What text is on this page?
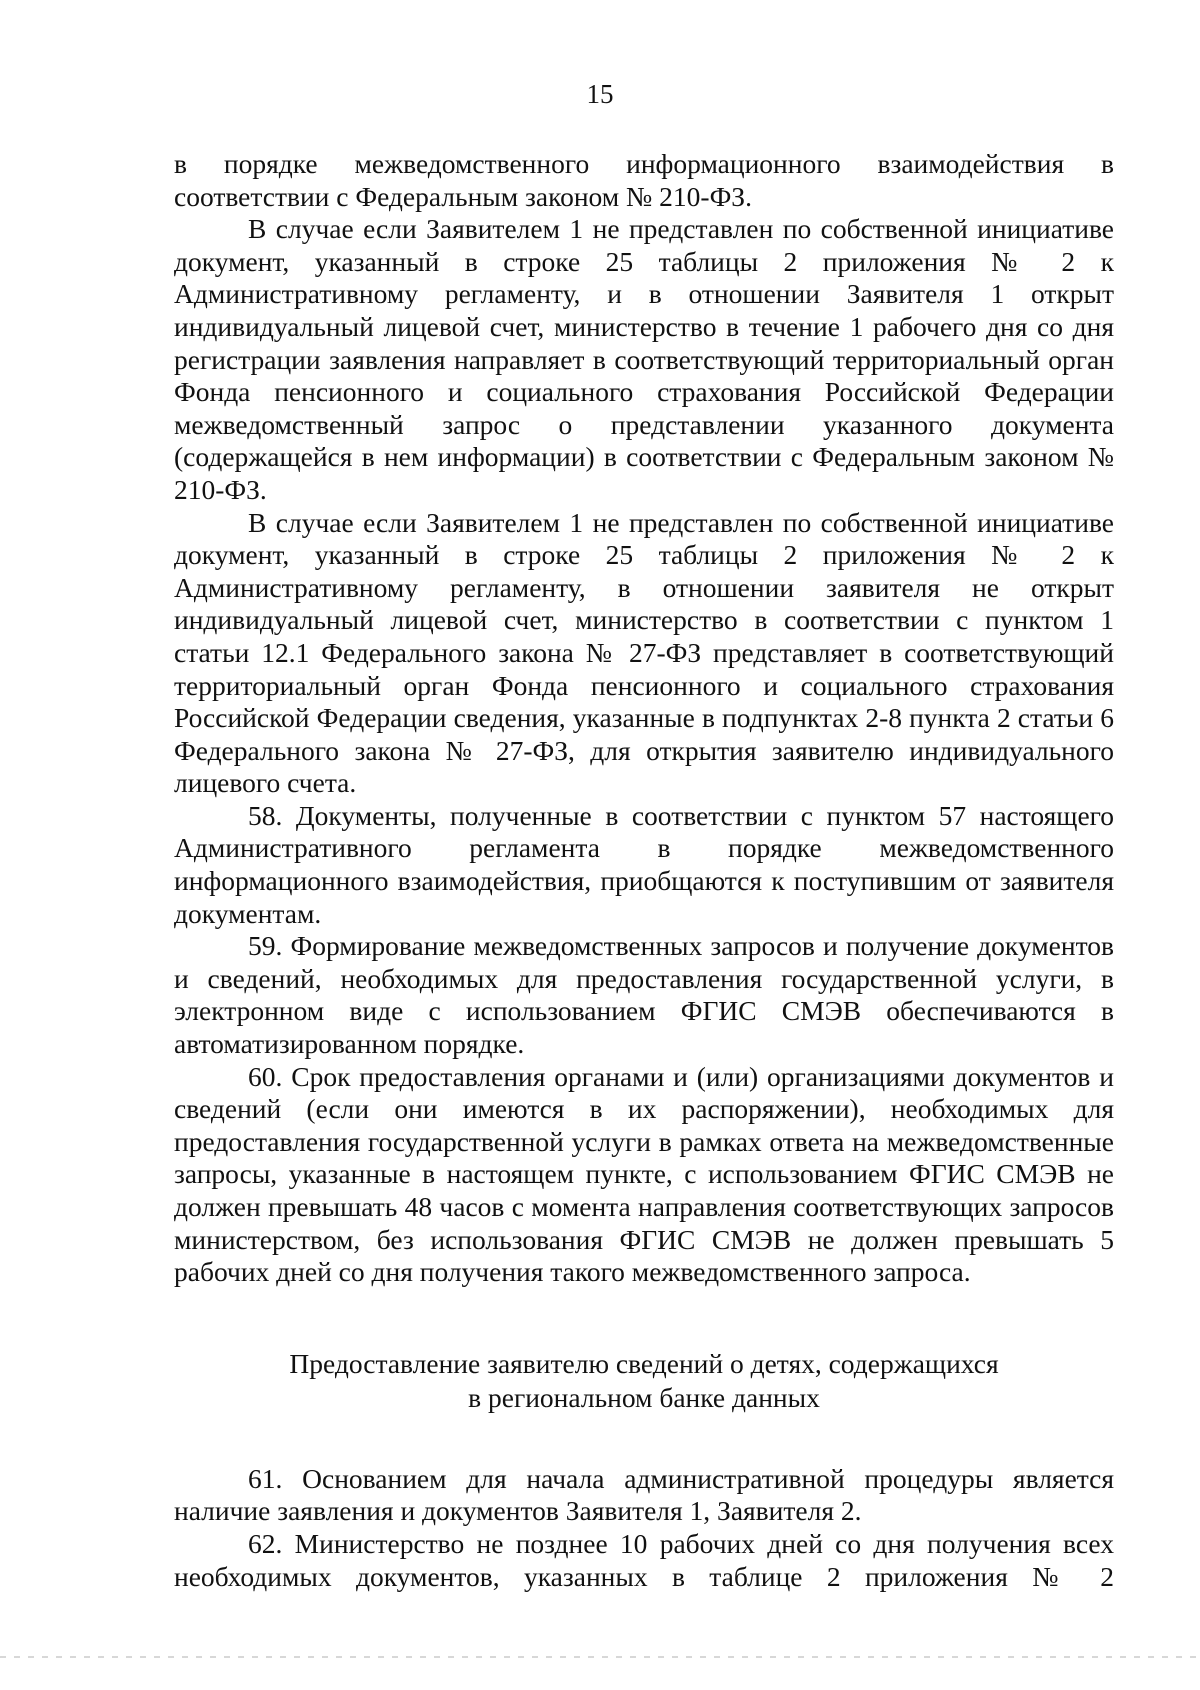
15

в порядке межведомственного информационного взаимодействия в соответствии с Федеральным законом № 210-ФЗ.

В случае если Заявителем 1 не представлен по собственной инициативе документ, указанный в строке 25 таблицы 2 приложения № 2 к Административному регламенту, и в отношении Заявителя 1 открыт индивидуальный лицевой счет, министерство в течение 1 рабочего дня со дня регистрации заявления направляет в соответствующий территориальный орган Фонда пенсионного и социального страхования Российской Федерации межведомственный запрос о представлении указанного документа (содержащейся в нем информации) в соответствии с Федеральным законом № 210-ФЗ.

В случае если Заявителем 1 не представлен по собственной инициативе документ, указанный в строке 25 таблицы 2 приложения № 2 к Административному регламенту, в отношении заявителя не открыт индивидуальный лицевой счет, министерство в соответствии с пунктом 1 статьи 12.1 Федерального закона № 27-ФЗ представляет в соответствующий территориальный орган Фонда пенсионного и социального страхования Российской Федерации сведения, указанные в подпунктах 2-8 пункта 2 статьи 6 Федерального закона № 27-ФЗ, для открытия заявителю индивидуального лицевого счета.

58. Документы, полученные в соответствии с пунктом 57 настоящего Административного регламента в порядке межведомственного информационного взаимодействия, приобщаются к поступившим от заявителя документам.

59. Формирование межведомственных запросов и получение документов и сведений, необходимых для предоставления государственной услуги, в электронном виде с использованием ФГИС СМЭВ обеспечиваются в автоматизированном порядке.

60. Срок предоставления органами и (или) организациями документов и сведений (если они имеются в их распоряжении), необходимых для предоставления государственной услуги в рамках ответа на межведомственные запросы, указанные в настоящем пункте, с использованием ФГИС СМЭВ не должен превышать 48 часов с момента направления соответствующих запросов министерством, без использования ФГИС СМЭВ не должен превышать 5 рабочих дней со дня получения такого межведомственного запроса.

Предоставление заявителю сведений о детях, содержащихся
в региональном банке данных

61. Основанием для начала административной процедуры является наличие заявления и документов Заявителя 1, Заявителя 2.

62. Министерство не позднее 10 рабочих дней со дня получения всех необходимых документов, указанных в таблице 2 приложения № 2
